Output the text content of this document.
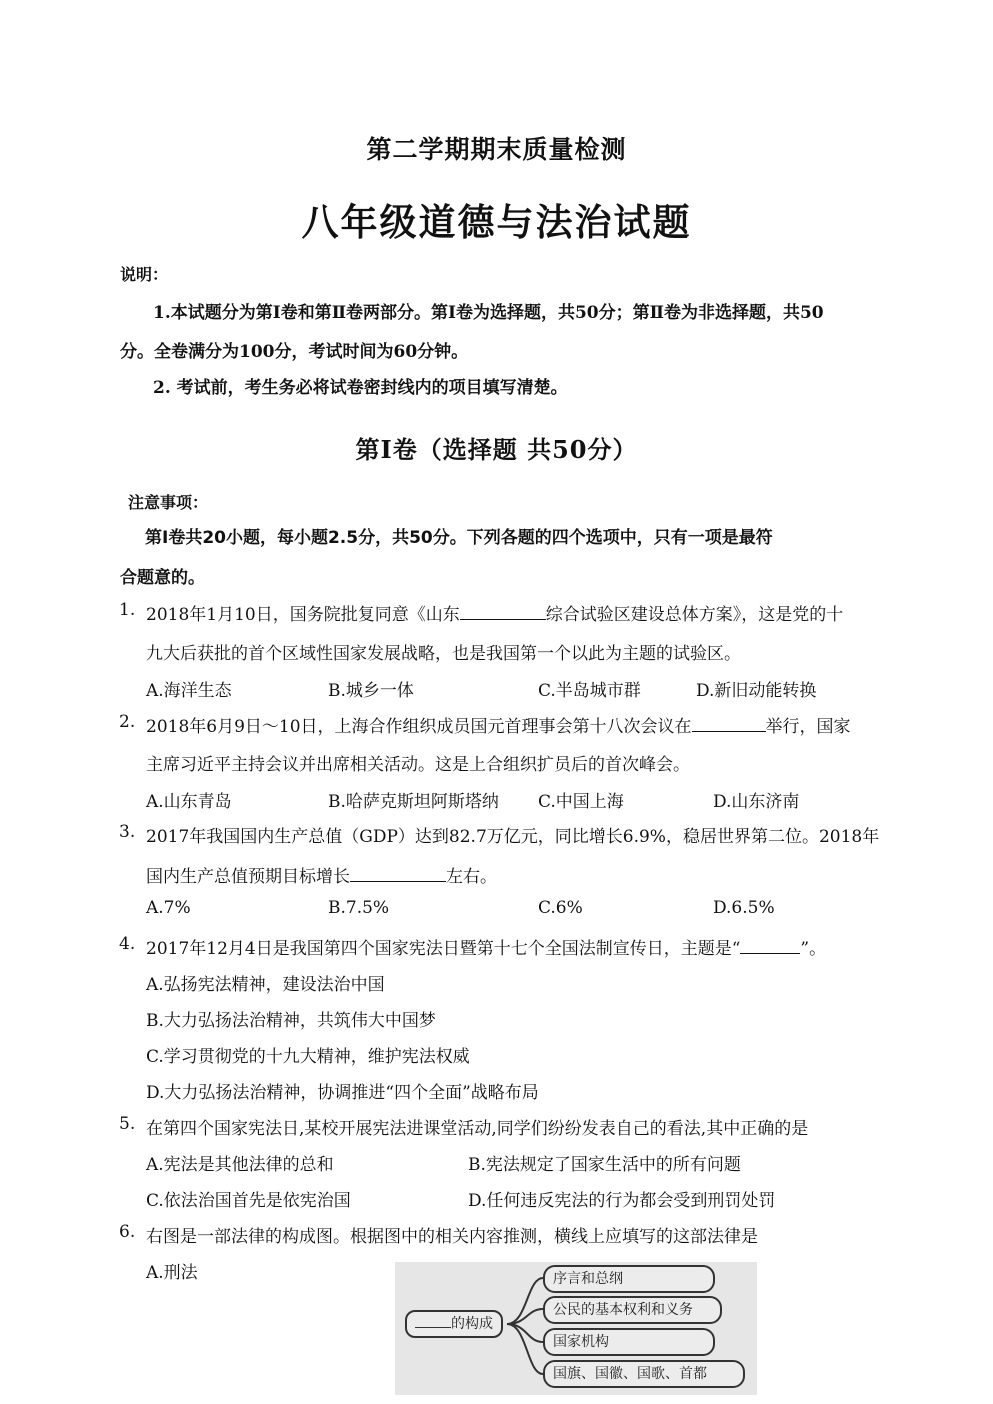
第二学期期末质量检测
八年级道德与法治试题
说明：
1.本试题分为第Ⅰ卷和第Ⅱ卷两部分。第Ⅰ卷为选择题，共50分；第Ⅱ卷为非选择题，共50
分。全卷满分为100分，考试时间为60分钟。
2. 考试前，考生务必将试卷密封线内的项目填写清楚。
第Ⅰ卷（选择题 共50分）
注意事项：
第Ⅰ卷共20小题，每小题2.5分，共50分。下列各题的四个选项中，只有一项是最符
合题意的。
1. 2018年1月10日，国务院批复同意《山东	综合试验区建设总体方案》，这是党的十
九大后获批的首个区域性国家发展战略，也是我国第一个以此为主题的试验区。
A.海洋生态	B.城乡一体	C.半岛城市群	D.新旧动能转换
2. 2018年6月9日～10日，上海合作组织成员国元首理事会第十八次会议在	举行，国家
主席习近平主持会议并出席相关活动。这是上合组织扩员后的首次峰会。
A.山东青岛	B.哈萨克斯坦阿斯塔纳 C.中国上海	D.山东济南
3. 2017年我国国内生产总值（GDP）达到82.7万亿元，同比增长6.9%，稳居世界第二位。2018年
国内生产总值预期目标增长	左右。
A.7%	B.7.5%	C.6%	D.6.5%
4. 2017年12月4日是我国第四个国家宪法日暨第十七个全国法制宣传日，主题是“	”。
A.弘扬宪法精神，建设法治中国
B.大力弘扬法治精神，共筑伟大中国梦
C.学习贯彻党的十九大精神，维护宪法权威
D.大力弘扬法治精神，协调推进“四个全面”战略布局
5. 在第四个国家宪法日,某校开展宪法进课堂活动,同学们纷纷发表自己的看法,其中正确的是
A.宪法是其他法律的总和	B.宪法规定了国家生活中的所有问题
C.依法治国首先是依宪治国	D.任何违反宪法的行为都会受到刑罚处罚
6. 右图是一部法律的构成图。根据图中的相关内容推测，横线上应填写的这部法律是
A.刑法
的构成
序言和总纲
公民的基本权利和义务
国家机构
国旗、国徽、国歌、首都
